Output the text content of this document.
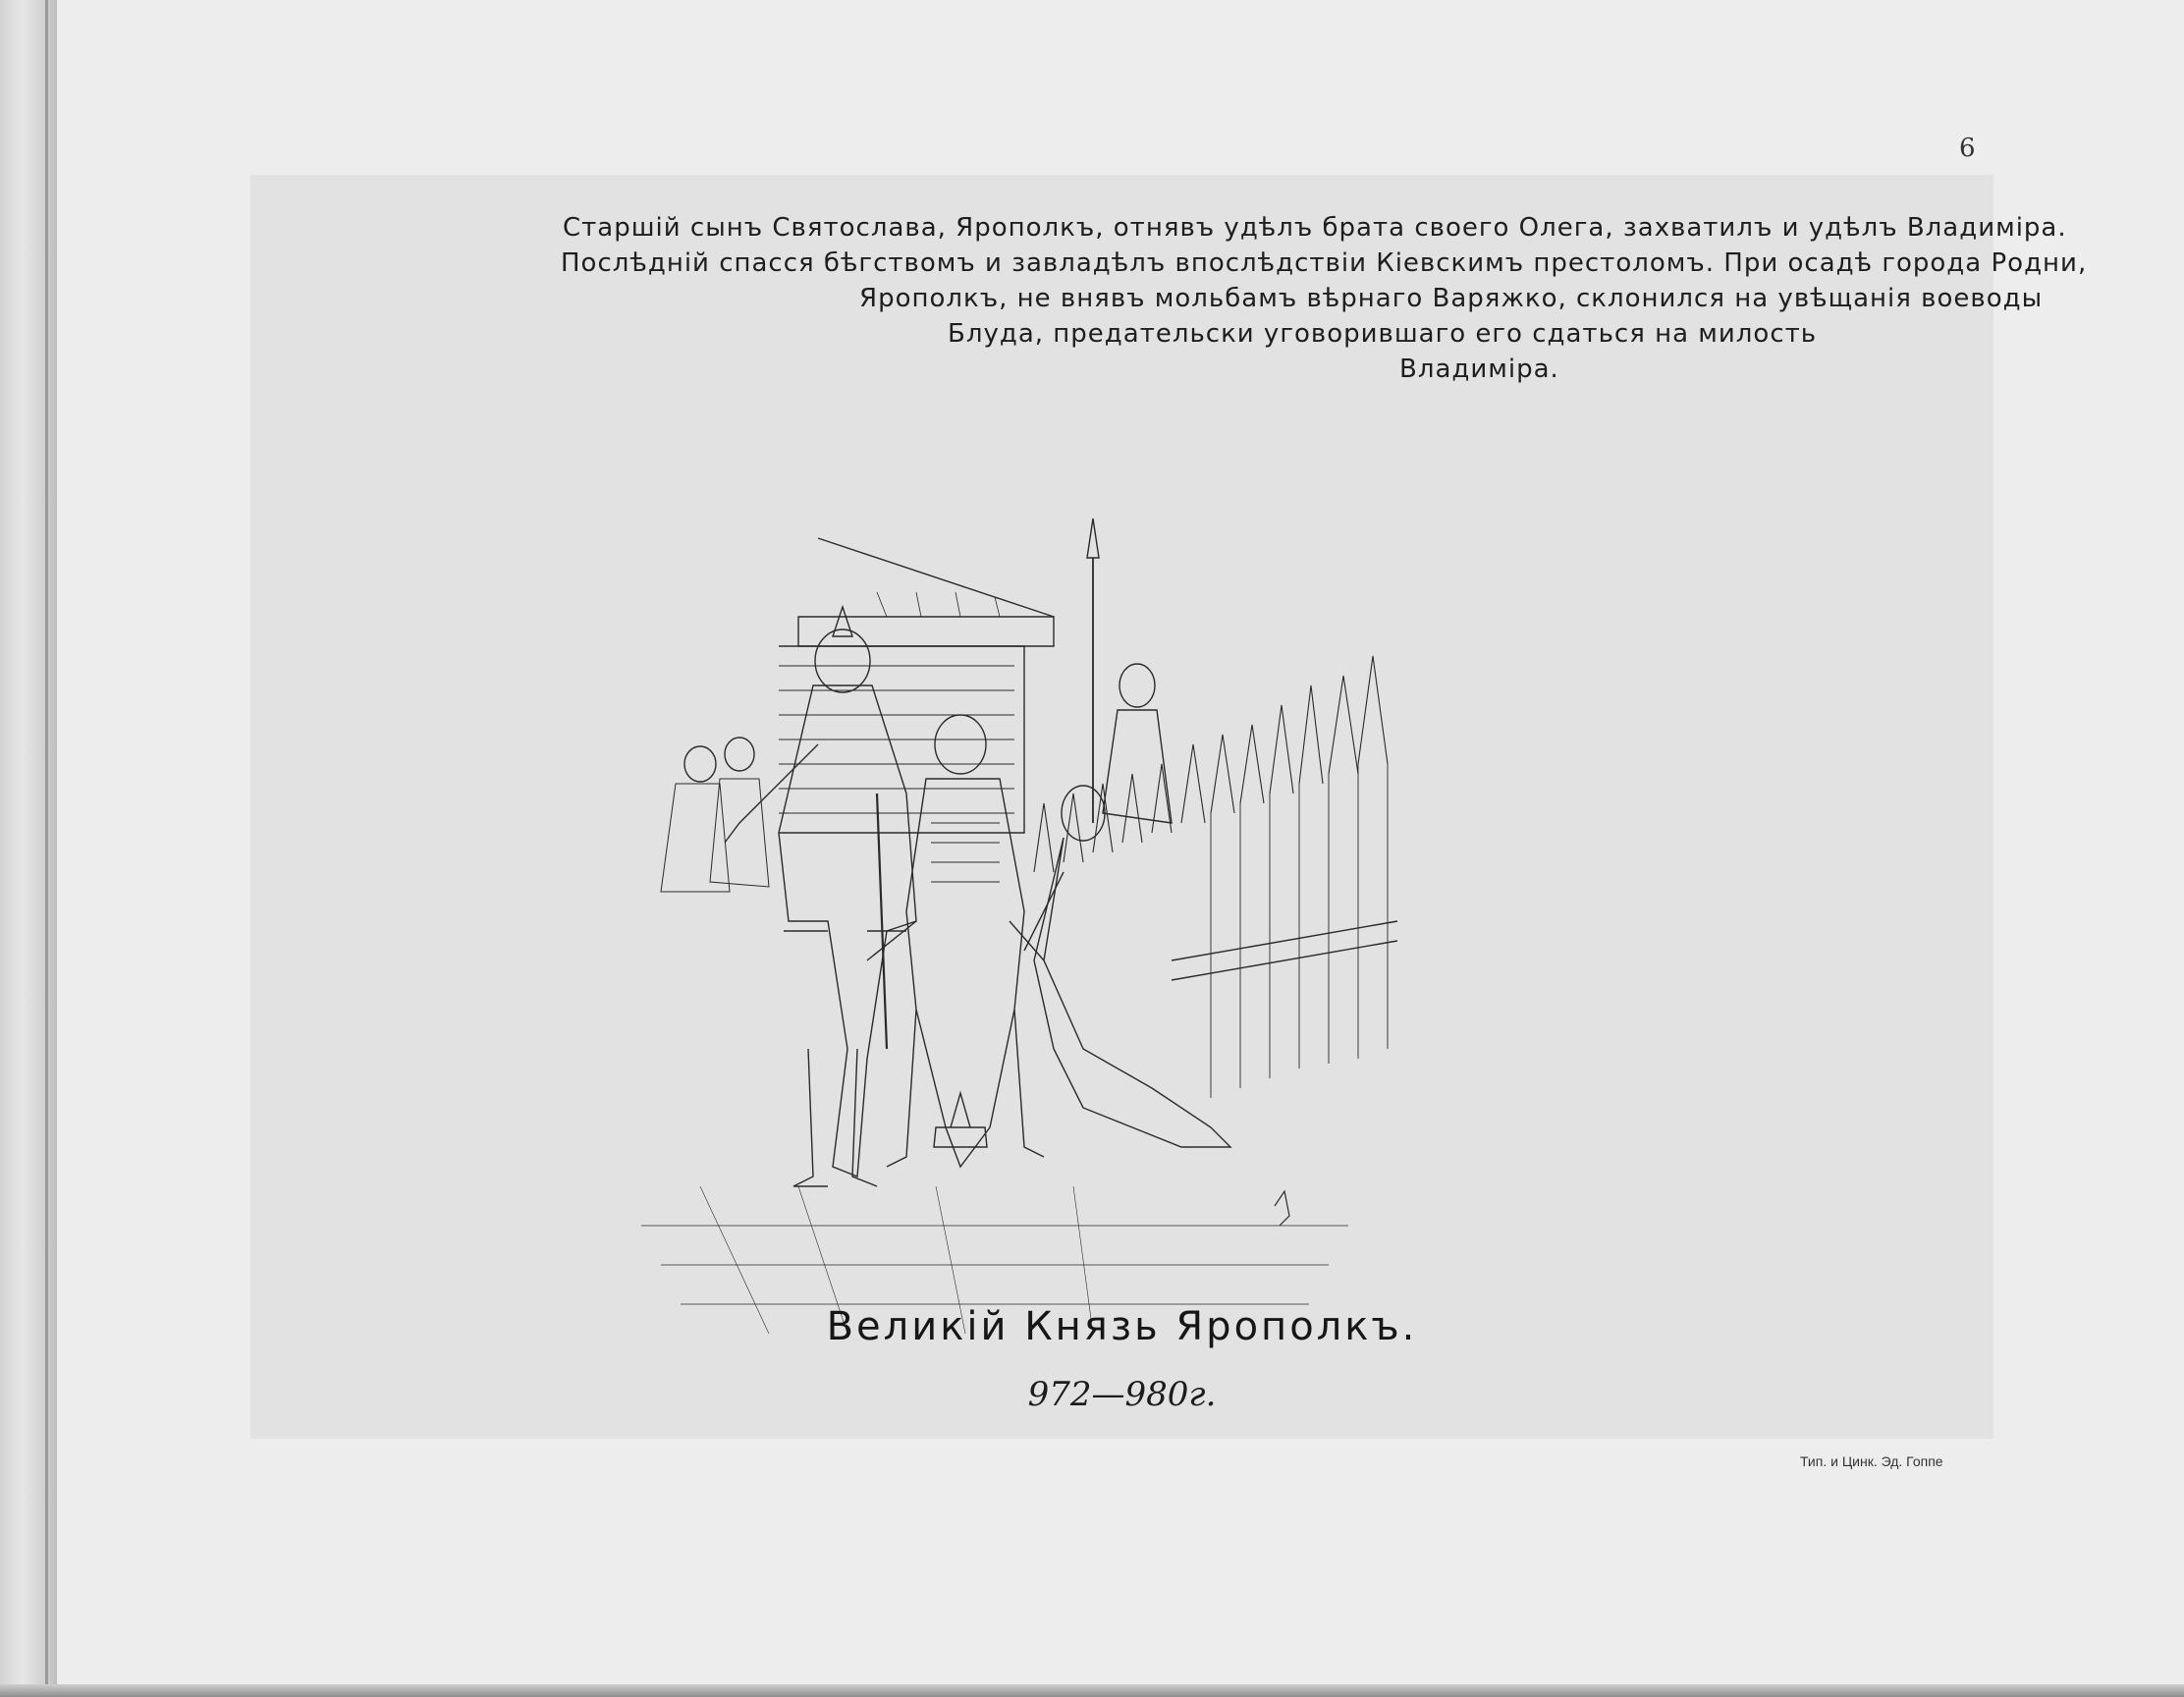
6
Старшій сынъ Святослава, Ярополкъ, отнявъ удѣлъ брата своего Олега, захватилъ и удѣлъ Владиміра.
Послѣдній спасся бѣгствомъ и завладѣлъ впослѣдствіи Кіевскимъ престоломъ. При осадѣ города Родни,
Ярополкъ, не внявъ мольбамъ вѣрнаго Варяжко, склонился на увѣщанія воеводы
Блуда, предательски уговорившаго его сдаться на милость
Владиміра.
Великій Князь Ярополкъ.
972—980г.
Тип. и Цинк. Эд. Гоппе
